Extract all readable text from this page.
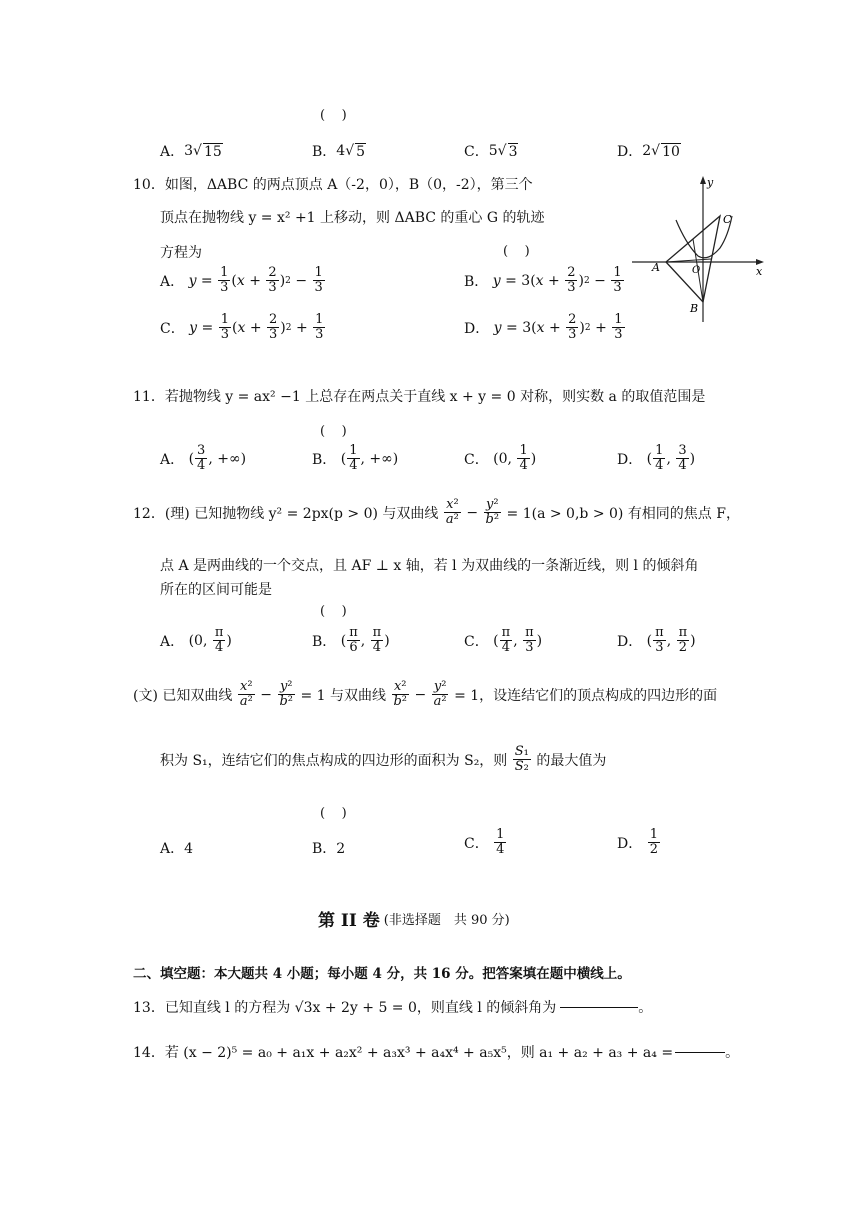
(    )
A． 3 √ 15	B． 4 √ 5	C． 5 √ 3	D． 2 √ 10
10．如图，ΔABC 的两点顶点 A（-2，0），B（0，-2），第三个
顶点在抛物线 y = x² +1 上移动，则 ΔABC 的重心 G 的轨迹
方程为	(    )
A． $y = \frac{1}{3}$ ( $x + \frac{2}{3}$ ) $2 - \frac{1}{3}$	B． y = 3( $x + \frac{2}{3}$ ) $2 - \frac{1}{3}$
C． $y = \frac{1}{3}$ ( $x + \frac{2}{3}$ ) $2 + \frac{1}{3}$	D． y = 3( $x + \frac{2}{3}$ ) $2 + \frac{1}{3}$
y
x
C
A	O
B
11．若抛物线 y = ax² −1 上总存在两点关于直线 x + y = 0 对称，则实数 a 的取值范围是
(    )
A． ( $\frac{3}{4}$ , +∞)	B． ( $\frac{1}{4}$ , +∞)	C． (0, $\frac{1}{4}$ )	D． ( $\frac{1}{4}$ , $\frac{3}{4}$ )
12．(理) 已知抛物线 y² = 2px(p > 0) 与双曲线
$\frac{\text{x²}}{\text{a²}} - \frac{\text{y²}}{\text{b²}}$
= 1(a > 0,b > 0) 有相同的焦点 F，
点 A 是两曲线的一个交点，且 AF ⊥ x 轴，若 l 为双曲线的一条渐近线，则 l 的倾斜角
所在的区间可能是
(    )
A． (0, $\frac{\pi}{4}$ )	B． ( $\frac{\pi}{6}$ , $\frac{\pi}{4}$ )	C． ( $\frac{\pi}{4}$ , $\frac{\pi}{3}$ )	D． ( $\frac{\pi}{3}$ , $\frac{\pi}{2}$ )
(文) 已知双曲线
$\frac{\text{x²}}{\text{a²}} - \frac{\text{y²}}{\text{b²}}$
= 1 与双曲线
$\frac{\text{x²}}{\text{b²}} - \frac{\text{y²}}{\text{a²}}$
= 1，设连结它们的顶点构成的四边形的面
积为 S₁，连结它们的焦点构成的四边形的面积为 S₂，则
$\frac{\text{S₁}}{\text{S₂}}$
的最大值为
(    )
A．4	B．2	C．
$\frac{1}{4}$	D．
$\frac{1}{2}$
第 II 卷 (非选择题　共 90 分)
二、填空题：本大题共 4 小题；每小题 4 分，共 16 分。把答案填在题中横线上。
13．已知直线 l 的方程为 √3x + 2y + 5 = 0，则直线 l 的倾斜角为	。
14．若 (x − 2)⁵ = a₀ + a₁x + a₂x² + a₃x³ + a₄x⁴ + a₅x⁵，则 a₁ + a₂ + a₃ + a₄ =	。
